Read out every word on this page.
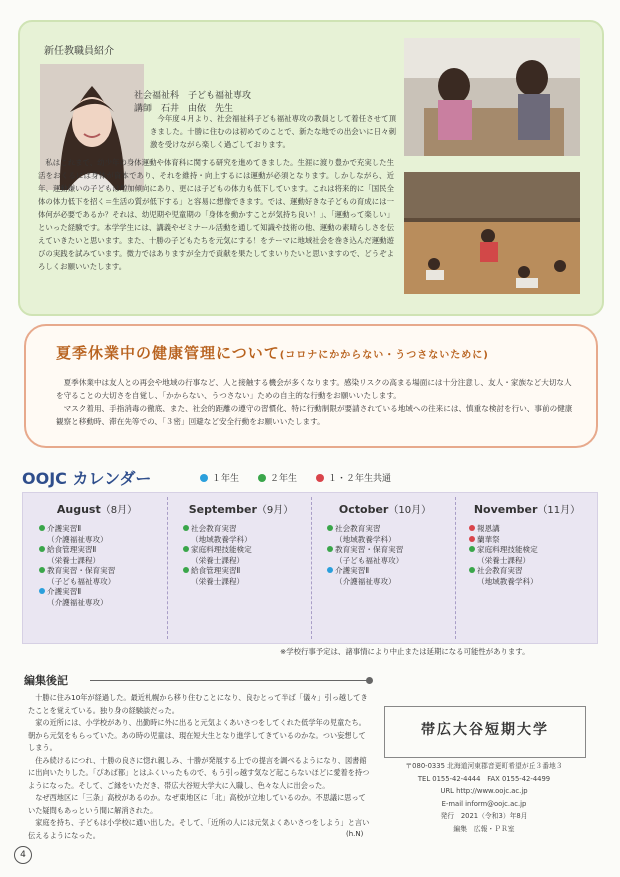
新任教職員紹介
社会福祉科　子ども福祉専攻
講師　石井　由依　先生

今年度４月より、社会福祉科子ども福祉専攻の教員として着任させて頂きました。十勝に住むのは初めてのことで、新たな地での出会いに日々刺激を受けながら楽しく過ごしております。

私はこれまで、幼少年の身体運動や体育科に関する研究を進めてきました。生涯に渡り豊かで充実した生活をおくるには身体が資本であり、それを維持・向上するには運動が必須となります。しかしながら、近年、運動嫌いの子どもは増加傾向にあり、更には子どもの体力も低下しています。これは将来的に「国民全体の体力低下を招く＝生活の質が低下する」と容易に想像できます。では、運動好きな子どもの育成には一体何が必要であるか？それは、幼児期や児童期の「身体を動かすことが気持ち良い！」、「運動って楽しい」といった経験です。本学学生には、講義やゼミナール活動を通して知識や技術の他、運動の素晴らしさを伝えていきたいと思います。また、十勝の子どもたちを元気にする！をテーマに地域社会を巻き込んだ運動遊びの実践を試みています。微力ではありますが全力で貢献を果たしてまいりたいと思いますので、どうぞよろしくお願いいたします。

夏季休業中の健康管理について(コロナにかからない・うつさないために)

夏季休業中は友人との再会や地域の行事など、人と接触する機会が多くなります。感染リスクの高まる場面には十分注意し、友人・家族など大切な人を守ることの大切さを自覚し、「かからない、うつさない」ための自主的な行動をお願いいたします。

マスク着用、手指消毒の徹底、また、社会的距離の遵守の習慣化、特に行動制限が要請されている地域への往来には、慎重な検討を行い、事前の健康観察と移動時、滞在先等での、「３密」回避など安全行動をお願いいたします。

OOJC カレンダー	１年生	２年生	１・２年生共通
August（8月）
介護実習Ⅱ
（介護福祉専攻）
給食管理実習Ⅱ
（栄養士課程）
教育実習・保育実習
（子ども福祉専攻）
介護実習Ⅱ
（介護福祉専攻）
September（9月）
社会教育実習
（地域教養学科）
家庭料理技能検定
（栄養士課程）
給食管理実習Ⅱ
（栄養士課程）
October（10月）
社会教育実習
（地域教養学科）
教育実習・保育実習
（子ども福祉専攻）
介護実習Ⅱ
（介護福祉専攻）
November（11月）
報恩講
蘭華祭
家庭料理技能検定
（栄養士課程）
社会教育実習
（地域教養学科）
※学校行事予定は、諸事情により中止または延期になる可能性があります。
編集後記

十勝に住み10年が経過した。最近札幌から移り住むことになり、良むとって半ば「儀々」引っ越してきたことを覚えている。独り身の経験談だった。

家の近所には、小学校があり、出勤時に外に出ると元気よくあいさつをしてくれた低学年の児童たち。朝から元気をもらっていた。あの時の児童は、現在短大生となり進学してきているのかな。つい妄想してしまう。

住み続けるにつれ、十勝の良さに惚れ親しみ、十勝が発展する上での提言を調べるようになり、図書館に出向いたりした。「ぴあぱ都」とはふくいったもので、もう引っ越す気など起こらないほどに愛着を持つようになった。そして、ご縁をいただき、帯広大谷短大学大に入職し、色々な人に出会った。

なぜ西地区に「三条」高校があるのか。なぜ東地区に「北」高校が立地しているのか。不思議に思っていた疑問もあっという間に解消された。

家庭を持ち、子どもは小学校に通い出した。そして、「近所の人には元気よくあいさつをしよう」と言い伝えるようになった。	(h.N)
帯広大谷短期大学
〒080-0335 北海道河東郡音更町希望が丘３番地３
TEL 0155-42-4444　FAX 0155-42-4499
URL http://www.oojc.ac.jp
E-mail inform@oojc.ac.jp
発行　2021（令和3）年8月
編集　広報・ＰＲ室
4
